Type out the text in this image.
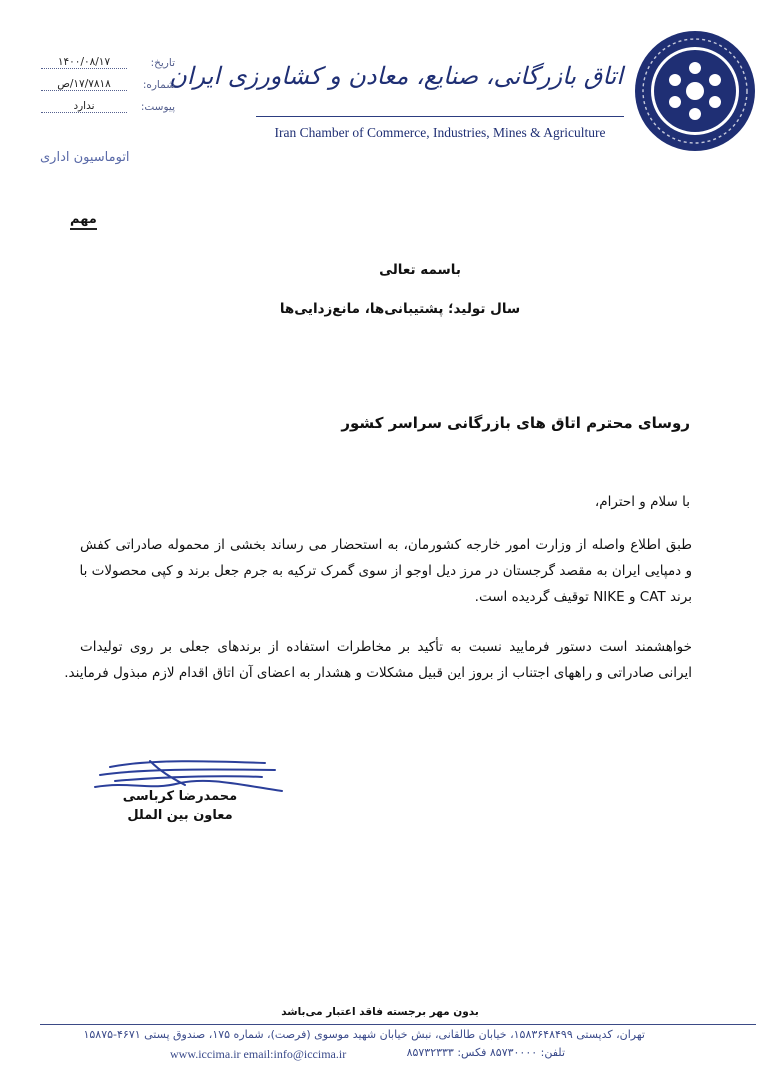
اتاق بازرگانی، صنایع، معادن و کشاورزی ایران
Iran Chamber of Commerce, Industries, Mines & Agriculture
تاریخ:
۱۴۰۰/۰۸/۱۷
شماره:
۱۷/۷۸۱۸/ص
پیوست:
ندارد
اتوماسیون اداری
مهم
باسمه تعالی
سال تولید؛ پشتیبانی‌ها، مانع‌زدایی‌ها
روسای محترم اتاق های بازرگانی سراسر کشور
با سلام و احترام،
طبق اطلاع واصله از وزارت امور خارجه کشورمان، به استحضار می رساند بخشی از محموله صادراتی کفش
و دمپایی ایران به مقصد گرجستان در مرز دیل اوجو از سوی گمرک ترکیه به جرم جعل برند و کپی محصولات با
برند CAT و NIKE توقیف گردیده است.
خواهشمند است دستور فرمایید نسبت به تأکید بر مخاطرات استفاده از برندهای جعلی بر روی تولیدات
ایرانی صادراتی و راههای اجتناب از بروز این قبیل مشکلات و هشدار به اعضای آن اتاق اقدام لازم مبذول فرمایند.
محمدرضا کرباسی
معاون بین الملل
بدون مهر برجسته فاقد اعتبار می‌باشد
تهران، کدپستی ۱۵۸۳۶۴۸۴۹۹، خیابان طالقانی، نبش خیابان شهید موسوی (فرصت)، شماره ۱۷۵، صندوق پستی ۴۶۷۱-۱۵۸۷۵
تلفن: ۸۵۷۳۰۰۰۰ فکس: ۸۵۷۳۲۳۳۳
www.iccima.ir email:info@iccima.ir
